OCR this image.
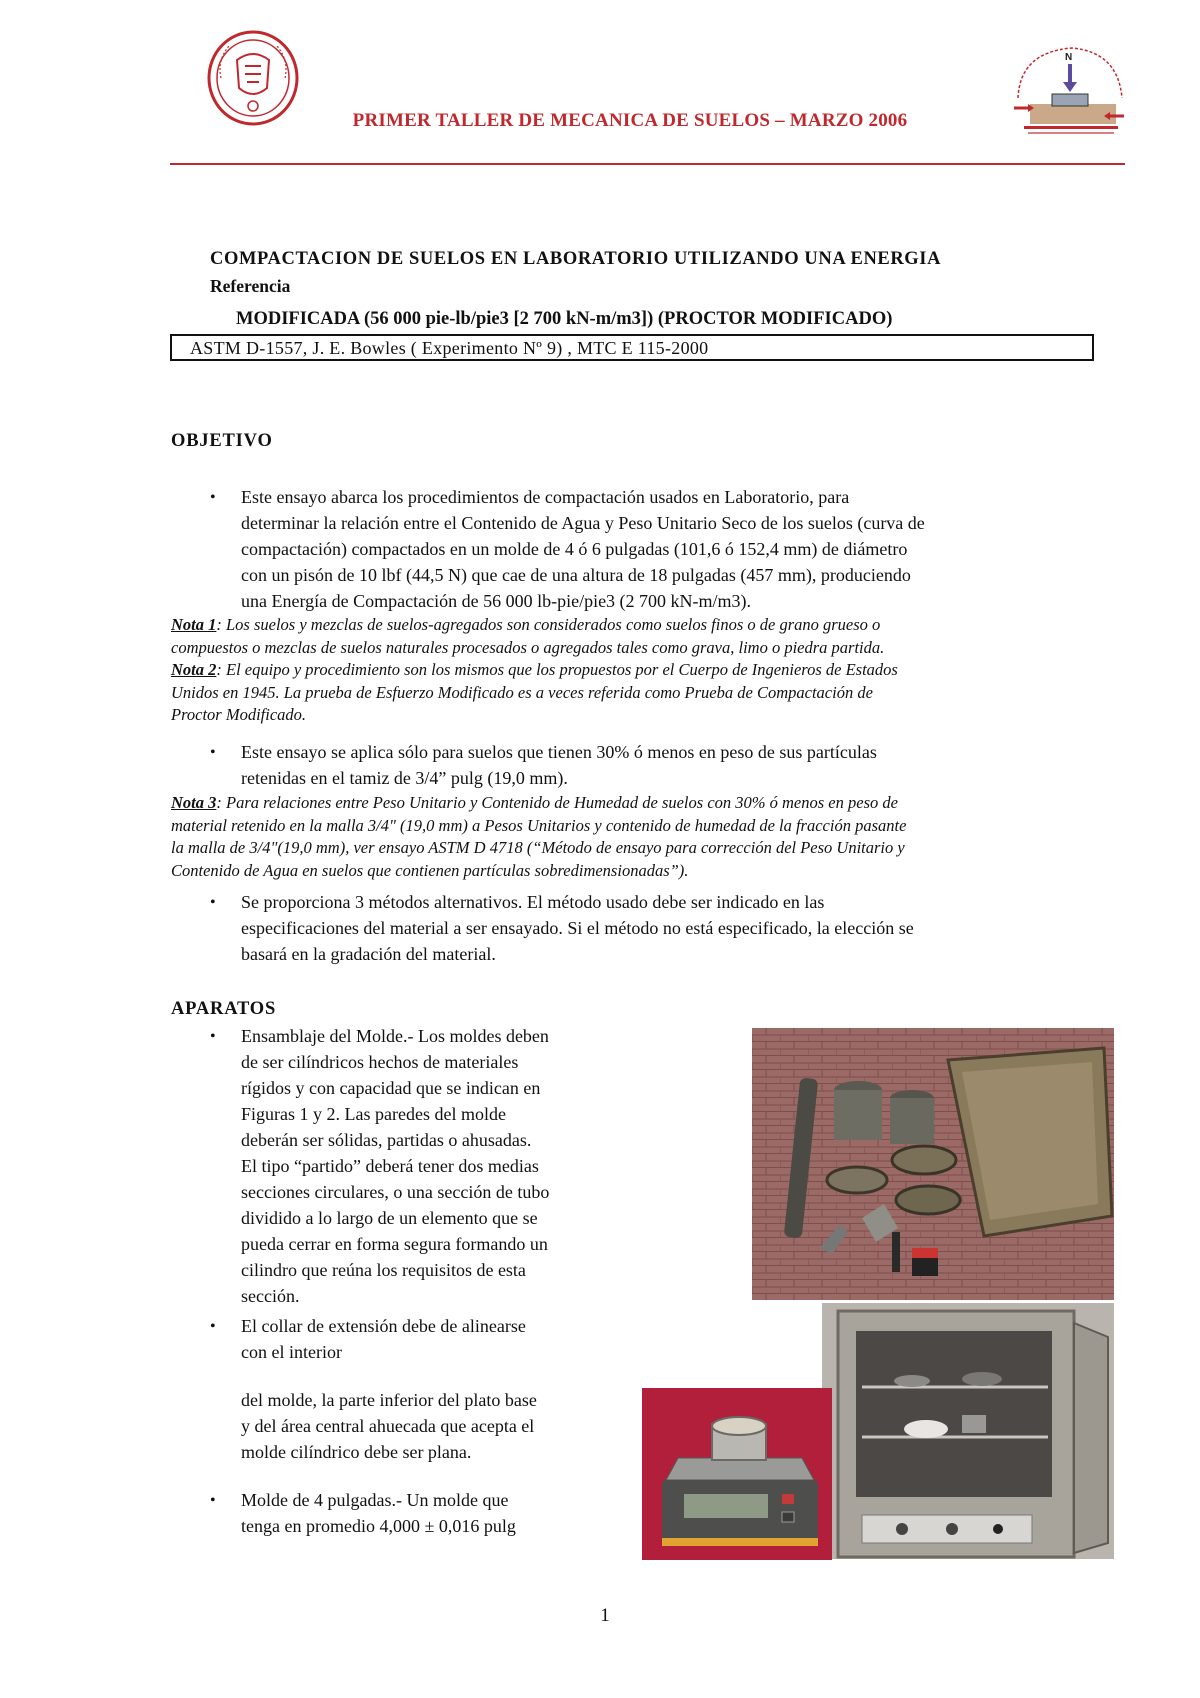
PRIMER TALLER DE MECANICA DE SUELOS – MARZO 2006
N
COMPACTACION DE SUELOS EN LABORATORIO UTILIZANDO UNA ENERGIA
Referencia
MODIFICADA (56 000 pie-lb/pie3 [2 700 kN-m/m3]) (PROCTOR MODIFICADO)
ASTM D-1557, J. E. Bowles ( Experimento Nº 9) , MTC E 115-2000
OBJETIVO
• Este ensayo abarca los procedimientos de compactación usados en Laboratorio, para
determinar la relación entre el Contenido de Agua y Peso Unitario Seco de los suelos (curva de
compactación) compactados en un molde de 4 ó 6 pulgadas (101,6 ó 152,4 mm) de diámetro
con un pisón de 10 lbf (44,5 N) que cae de una altura de 18 pulgadas (457 mm), produciendo
una Energía de Compactación de 56 000 lb-pie/pie3 (2 700 kN-m/m3).
Nota 1: Los suelos y mezclas de suelos-agregados son considerados como suelos finos o de grano grueso o
compuestos o mezclas de suelos naturales procesados o agregados tales como grava, limo o piedra partida.
Nota 2: El equipo y procedimiento son los mismos que los propuestos por el Cuerpo de Ingenieros de Estados
Unidos en 1945. La prueba de Esfuerzo Modificado es a veces referida como Prueba de Compactación de
Proctor Modificado.
• Este ensayo se aplica sólo para suelos que tienen 30% ó menos en peso de sus partículas
retenidas en el tamiz de 3/4” pulg (19,0 mm).
Nota 3: Para relaciones entre Peso Unitario y Contenido de Humedad de suelos con 30% ó menos en peso de
material retenido en la malla 3/4" (19,0 mm) a Pesos Unitarios y contenido de humedad de la fracción pasante
la malla de 3/4"(19,0 mm), ver ensayo ASTM D 4718 (“Método de ensayo para corrección del Peso Unitario y
Contenido de Agua en suelos que contienen partículas sobredimensionadas”).
• Se proporciona 3 métodos alternativos. El método usado debe ser indicado en las
especificaciones del material a ser ensayado. Si el método no está especificado, la elección se
basará en la gradación del material.
APARATOS
• Ensamblaje del Molde.- Los moldes deben
de ser cilíndricos hechos de materiales
rígidos y con capacidad que se indican en
Figuras 1 y 2. Las paredes del molde
deberán ser sólidas, partidas o ahusadas.
El tipo “partido” deberá tener dos medias
secciones circulares, o una sección de tubo
dividido a lo largo de un elemento que se
pueda cerrar en forma segura formando un
cilindro que reúna los requisitos de esta
sección.
• El collar de extensión debe de alinearse
con el interior
del molde, la parte inferior del plato base
y del área central ahuecada que acepta el
molde cilíndrico debe ser plana.
• Molde de 4 pulgadas.- Un molde que
tenga en promedio 4,000 ± 0,016 pulg
1
